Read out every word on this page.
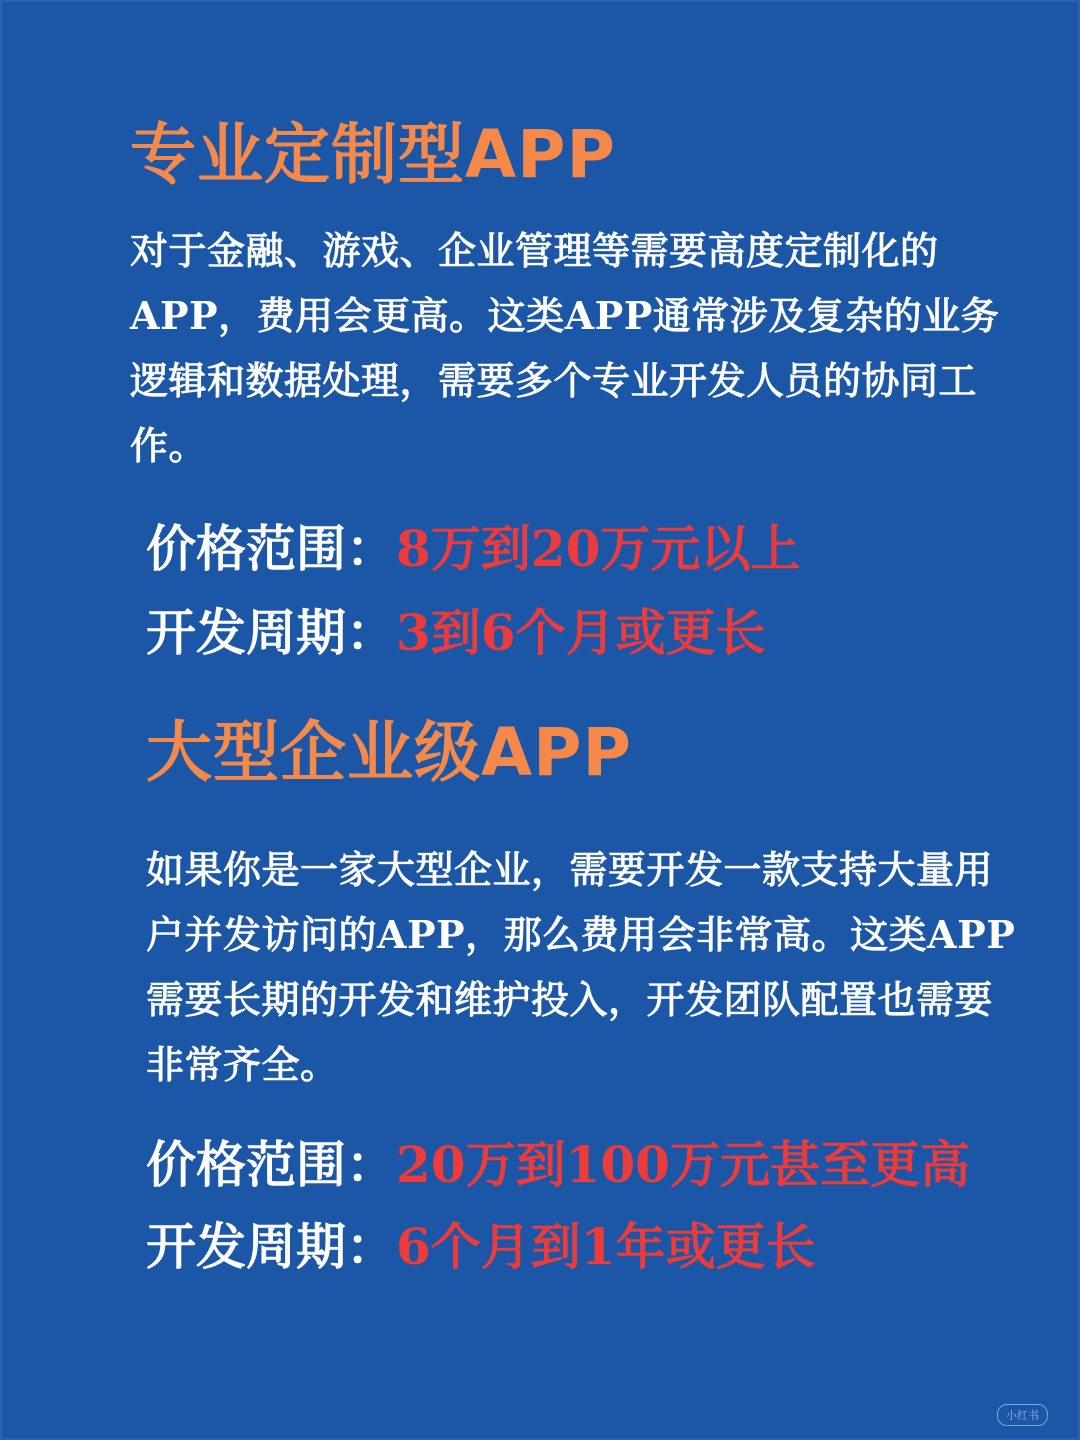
专业定制型APP

对于金融、游戏、企业管理等需要高度定制化的APP，费用会更高。这类APP通常涉及复杂的业务逻辑和数据处理，需要多个专业开发人员的协同工作。

价格范围：8万到20万元以上
开发周期：3到6个月或更长
大型企业级APP

如果你是一家大型企业，需要开发一款支持大量用户并发访问的APP，那么费用会非常高。这类APP需要长期的开发和维护投入，开发团队配置也需要非常齐全。

价格范围：20万到100万元甚至更高
开发周期：6个月到1年或更长
小红书
